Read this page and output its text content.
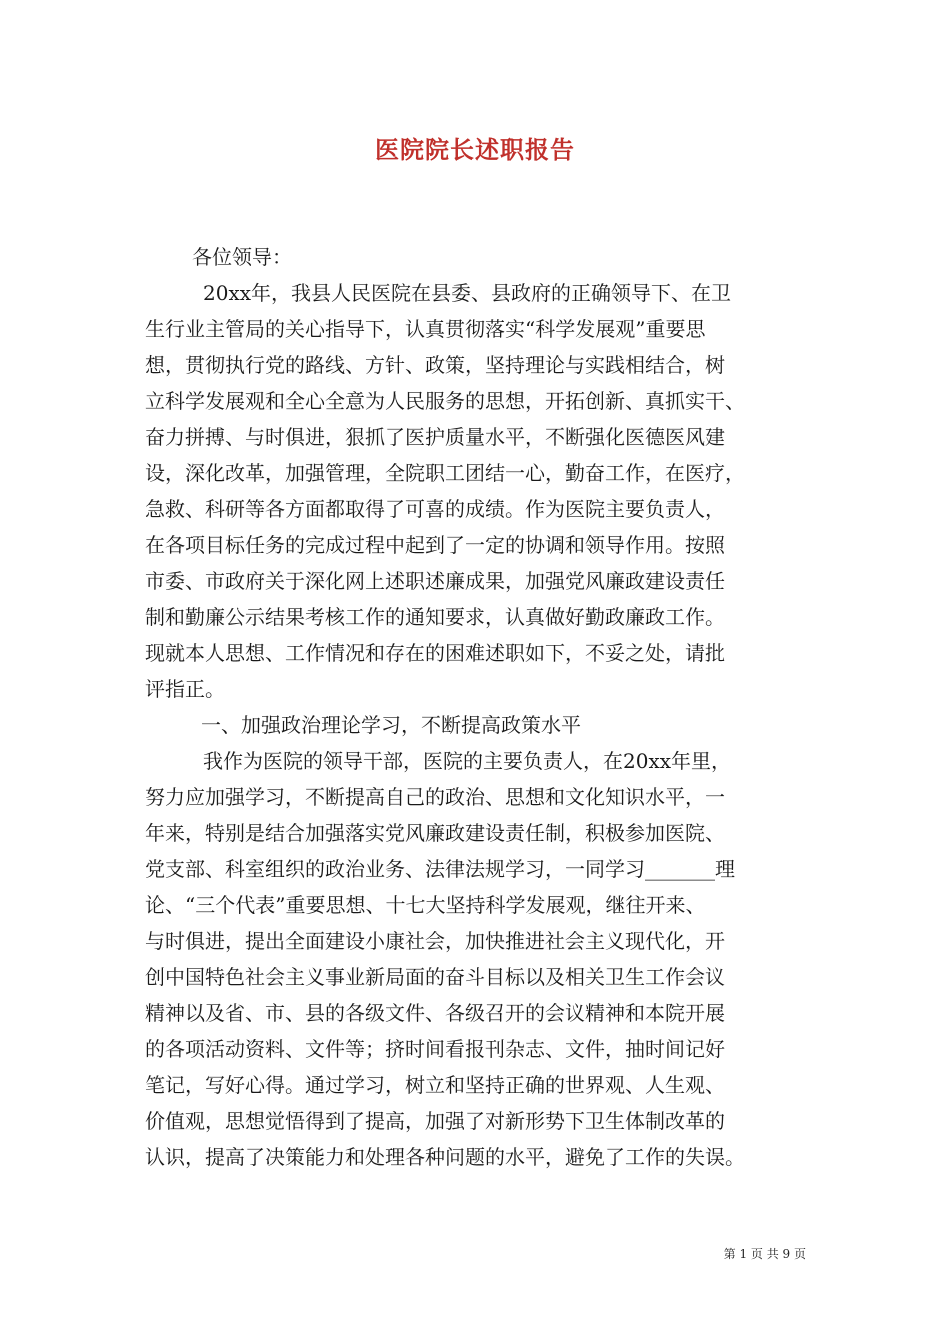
医院院长述职报告
各位领导：
20xx年，我县人民医院在县委、县政府的正确领导下、在卫
生行业主管局的关心指导下，认真贯彻落实“科学发展观”重要思
想，贯彻执行党的路线、方针、政策，坚持理论与实践相结合，树
立科学发展观和全心全意为人民服务的思想，开拓创新、真抓实干、
奋力拼搏、与时俱进，狠抓了医护质量水平，不断强化医德医风建
设，深化改革，加强管理，全院职工团结一心，勤奋工作，在医疗，
急救、科研等各方面都取得了可喜的成绩。作为医院主要负责人，
在各项目标任务的完成过程中起到了一定的协调和领导作用。按照
市委、市政府关于深化网上述职述廉成果，加强党风廉政建设责任
制和勤廉公示结果考核工作的通知要求，认真做好勤政廉政工作。
现就本人思想、工作情况和存在的困难述职如下，不妥之处，请批
评指正。
一、加强政治理论学习，不断提高政策水平
我作为医院的领导干部，医院的主要负责人，在20xx年里，
努力应加强学习，不断提高自己的政治、思想和文化知识水平，一
年来，特别是结合加强落实党风廉政建设责任制，积极参加医院、
党支部、科室组织的政治业务、法律法规学习，一同学习_______理
论、“三个代表”重要思想、十七大坚持科学发展观，继往开来、
与时俱进，提出全面建设小康社会，加快推进社会主义现代化，开
创中国特色社会主义事业新局面的奋斗目标以及相关卫生工作会议
精神以及省、市、县的各级文件、各级召开的会议精神和本院开展
的各项活动资料、文件等；挤时间看报刊杂志、文件，抽时间记好
笔记，写好心得。通过学习，树立和坚持正确的世界观、人生观、
价值观，思想觉悟得到了提高，加强了对新形势下卫生体制改革的
认识，提高了决策能力和处理各种问题的水平，避免了工作的失误。
第 1 页 共 9 页
